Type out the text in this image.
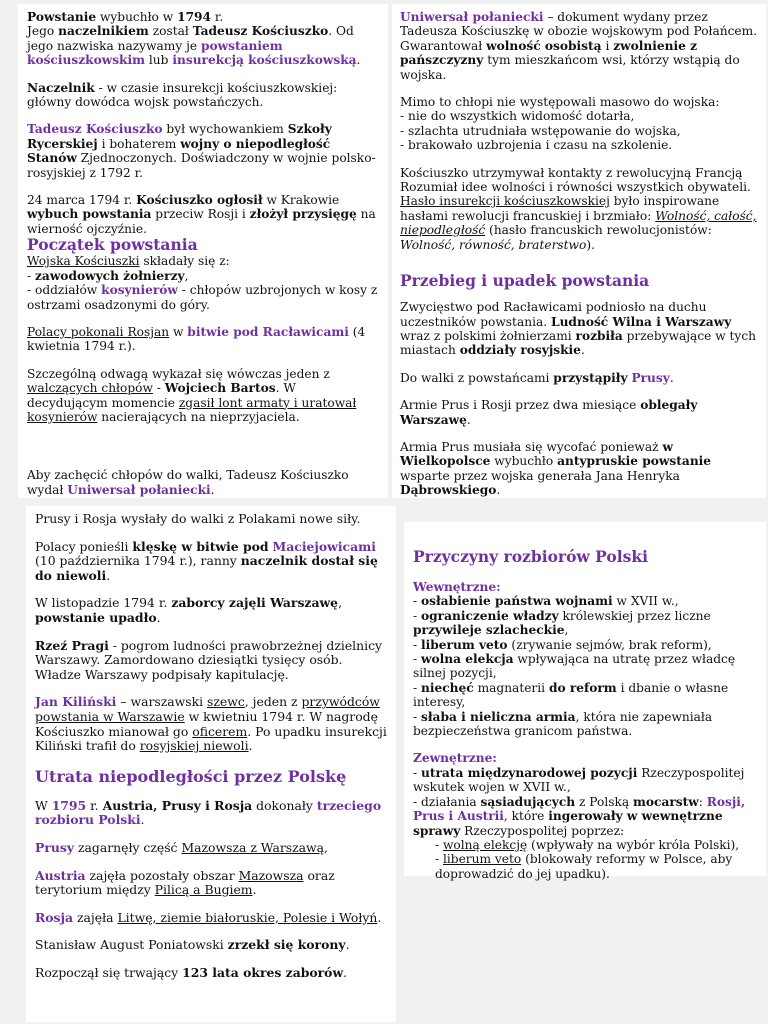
Powstanie wybuchło w 1794 r.
Jego naczelnikiem został Tadeusz Kościuszko. Od jego nazwiska nazywamy je powstaniem kościuszkowskim lub insurekcją kościuszkowską.

Naczelnik - w czasie insurekcji kościuszkowskiej: główny dowódca wojsk powstańczych.

Tadeusz Kościuszko był wychowankiem Szkoły Rycerskiej i bohaterem wojny o niepodległość Stanów Zjednoczonych. Doświadczony w wojnie polsko-rosyjskiej z 1792 r.

24 marca 1794 r. Kościuszko ogłosił w Krakowie wybuch powstania przeciw Rosji i złożył przysięgę na wierność ojczyźnie.

Początek powstania

Wojska Kościuszki składały się z:
- zawodowych żołnierzy,
- oddziałów kosynierów - chłopów uzbrojonych w kosy z ostrzami osadzonymi do góry.

Polacy pokonali Rosjan w bitwie pod Racławicami (4 kwietnia 1794 r.).

Szczególną odwagą wykazał się wówczas jeden z walczących chłopów - Wojciech Bartos. W decydującym momencie zgasił lont armaty i uratował kosynierów nacierających na nieprzyjaciela.

Aby zachęcić chłopów do walki, Tadeusz Kościuszko wydał Uniwersał połaniecki.

Uniwersał połaniecki – dokument wydany przez Tadeusza Kościuszkę w obozie wojskowym pod Połańcem. Gwarantował wolność osobistą i zwolnienie z pańszczyzny tym mieszkańcom wsi, którzy wstąpią do wojska.

Mimo to chłopi nie występowali masowo do wojska:
- nie do wszystkich widomość dotarła,
- szlachta utrudniała wstępowanie do wojska,
- brakowało uzbrojenia i czasu na szkolenie.

Kościuszko utrzymywał kontakty z rewolucyjną Francją Rozumiał idee wolności i równości wszystkich obywateli. Hasło insurekcji kościuszkowskiej było inspirowane hasłami rewolucji francuskiej i brzmiało: Wolność, całość, niepodległość (hasło francuskich rewolucjonistów: Wolność, równość, braterstwo).

Przebieg i upadek powstania

Zwycięstwo pod Racławicami podniosło na duchu uczestników powstania. Ludność Wilna i Warszawy wraz z polskimi żołnierzami rozbiła przebywające w tych miastach oddziały rosyjskie.

Do walki z powstańcami przystąpiły Prusy.

Armie Prus i Rosji przez dwa miesiące oblegały Warszawę.

Armia Prus musiała się wycofać ponieważ w Wielkopolsce wybuchło antypruskie powstanie wsparte przez wojska generała Jana Henryka Dąbrowskiego.

Prusy i Rosja wysłały do walki z Polakami nowe siły.

Polacy ponieśli klęskę w bitwie pod Maciejowicami (10 października 1794 r.), ranny naczelnik dostał się do niewoli.

W listopadzie 1794 r. zaborcy zajęli Warszawę, powstanie upadło.

Rzeź Pragi - pogrom ludności prawobrzeżnej dzielnicy Warszawy. Zamordowano dziesiątki tysięcy osób. Władze Warszawy podpisały kapitulację.

Jan Kiliński – warszawski szewc, jeden z przywódców powstania w Warszawie w kwietniu 1794 r. W nagrodę Kościuszko mianował go oficerem. Po upadku insurekcji Kiliński trafił do rosyjskiej niewoli.

Utrata niepodległości przez Polskę

W 1795 r. Austria, Prusy i Rosja dokonały trzeciego rozbioru Polski.

Prusy zagarnęły część Mazowsza z Warszawą,

Austria zajęła pozostały obszar Mazowsza oraz terytorium między Pilicą a Bugiem.

Rosja zajęła Litwę, ziemie białoruskie, Polesie i Wołyń.

Stanisław August Poniatowski zrzekł się korony.

Rozpoczął się trwający 123 lata okres zaborów.

Przyczyny rozbiorów Polski

Wewnętrzne:
- osłabienie państwa wojnami w XVII w.,
- ograniczenie władzy królewskiej przez liczne przywileje szlacheckie,
- liberum veto (zrywanie sejmów, brak reform),
- wolna elekcja wpływająca na utratę przez władcę silnej pozycji,
- niechęć magnaterii do reform i dbanie o własne interesy,
- słaba i nieliczna armia, która nie zapewniała bezpieczeństwa granicom państwa.

Zewnętrzne:
- utrata międzynarodowej pozycji Rzeczypospolitej wskutek wojen w XVII w.,
- działania sąsiadujących z Polską mocarstw: Rosji, Prus i Austrii, które ingerowały w wewnętrzne sprawy Rzeczypospolitej poprzez:

- wolną elekcję (wpływały na wybór króla Polski),
- liberum veto (blokowały reformy w Polsce, aby doprowadzić do jej upadku).
